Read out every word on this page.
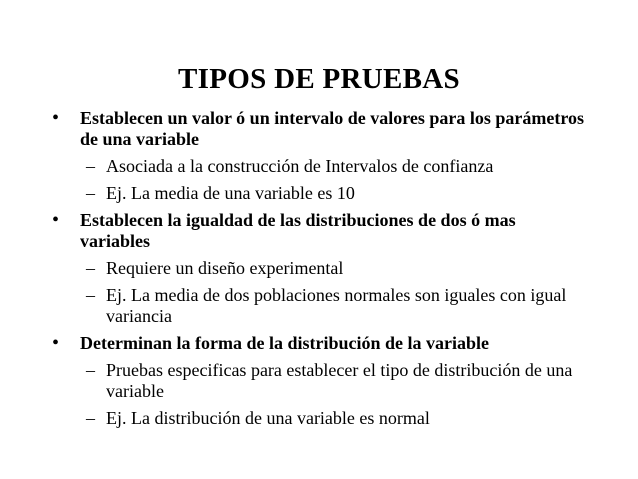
TIPOS DE PRUEBAS
• Establecen un valor ó un intervalo de valores para los parámetros de una variable
– Asociada a la construcción de Intervalos de confianza
– Ej. La media de una variable es 10
• Establecen la igualdad de las distribuciones de dos ó mas variables
– Requiere un diseño experimental
– Ej. La media de dos poblaciones normales son iguales con igual variancia
• Determinan la forma de la distribución de la variable
– Pruebas especificas para establecer el tipo de distribución de una variable
– Ej. La distribución de una variable es normal
